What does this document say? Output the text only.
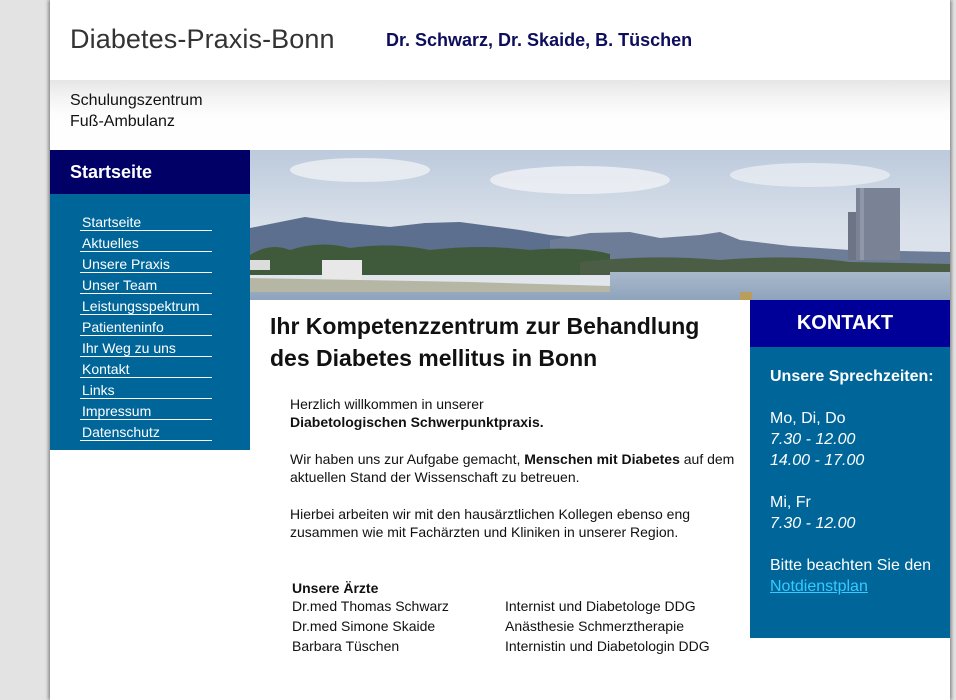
Diabetes-Praxis-Bonn	Dr. Schwarz, Dr. Skaide, B. Tüschen
Schulungszentrum
Fuß-Ambulanz
Startseite
Startseite
Aktuelles
Unsere Praxis
Unser Team
Leistungsspektrum
Patienteninfo
Ihr Weg zu uns
Kontakt
Links
Impressum
Datenschutz
Ihr Kompetenzzentrum zur Behandlung
des Diabetes mellitus in Bonn
Herzlich willkommen in unserer
Diabetologischen Schwerpunktpraxis.
Wir haben uns zur Aufgabe gemacht, Menschen mit Diabetes auf dem aktuellen Stand der Wissenschaft zu betreuen.
Hierbei arbeiten wir mit den hausärztlichen Kollegen ebenso eng zusammen wie mit Fachärzten und Kliniken in unserer Region.
Unsere Ärzte	
Dr.med Thomas Schwarz	Internist und Diabetologe DDG
Dr.med Simone Skaide	Anästhesie Schmerztherapie
Barbara Tüschen	Internistin und Diabetologin DDG
KONTAKT
Unsere Sprechzeiten:
Mo, Di, Do
7.30 - 12.00
14.00 - 17.00
Mi, Fr
7.30 - 12.00
Bitte beachten Sie den
Notdienstplan
